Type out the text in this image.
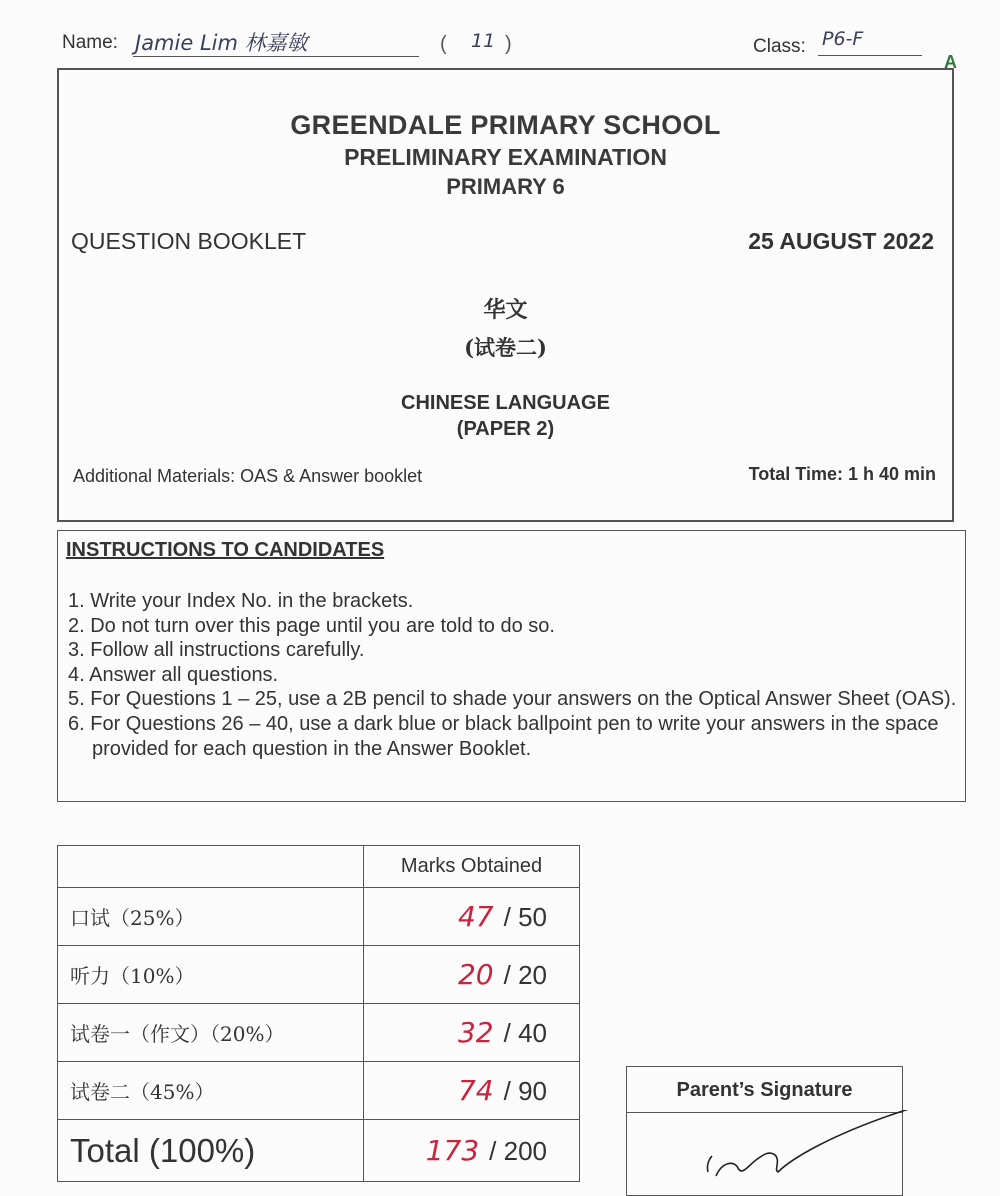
Name: Jamie Lim 林嘉敏	( 11 )	Class: P6-F
A
GREENDALE PRIMARY SCHOOL
PRELIMINARY EXAMINATION
PRIMARY 6
QUESTION BOOKLET	25 AUGUST 2022
华文
(试卷二)
CHINESE LANGUAGE
(PAPER 2)
Additional Materials: OAS & Answer booklet	Total Time: 1 h 40 min
INSTRUCTIONS TO CANDIDATES
1. Write your Index No. in the brackets.
2. Do not turn over this page until you are told to do so.
3. Follow all instructions carefully.
4. Answer all questions.
5. For Questions 1 – 25, use a 2B pencil to shade your answers on the Optical Answer Sheet (OAS).
6. For Questions 26 – 40, use a dark blue or black ballpoint pen to write your answers in the space provided for each question in the Answer Booklet.
	Marks Obtained
口试（25%）	47 / 50
听力（10%）	20 / 20
试卷一（作文）（20%）	32 / 40
试卷二（45%）	74 / 90
Total (100%)	173 / 200
Parent’s Signature
